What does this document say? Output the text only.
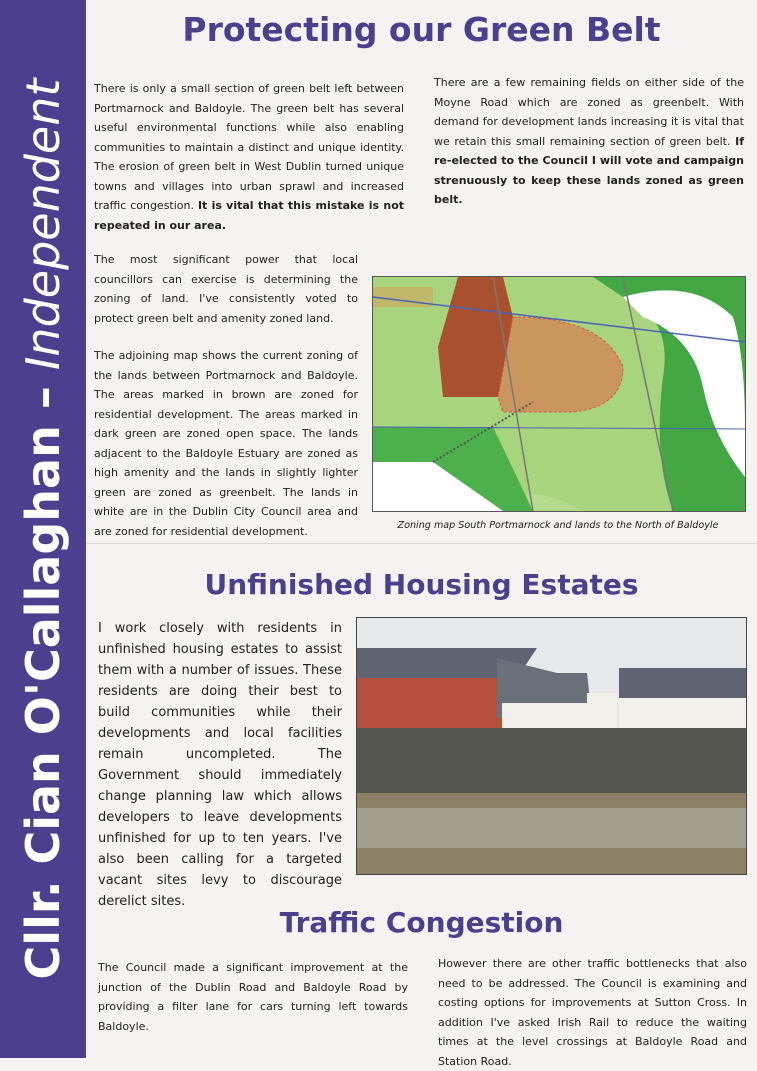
Cllr. Cian O'Callaghan – Independent
Protecting our Green Belt

There is only a small section of green belt left between Portmarnock and Baldoyle. The green belt has several useful environmental functions while also enabling communities to maintain a distinct and unique identity. The erosion of green belt in West Dublin turned unique towns and villages into urban sprawl and increased traffic congestion. It is vital that this mistake is not repeated in our area.

There are a few remaining fields on either side of the Moyne Road which are zoned as greenbelt. With demand for development lands increasing it is vital that we retain this small remaining section of green belt. If re-elected to the Council I will vote and campaign strenuously to keep these lands zoned as green belt.

The most significant power that local councillors can exercise is determining the zoning of land. I've consistently voted to protect green belt and amenity zoned land.

The adjoining map shows the current zoning of the lands between Portmarnock and Baldoyle. The areas marked in brown are zoned for residential development. The areas marked in dark green are zoned open space. The lands adjacent to the Baldoyle Estuary are zoned as high amenity and the lands in slightly lighter green are zoned as greenbelt. The lands in white are in the Dublin City Council area and are zoned for residential development.	Zoning map South Portmarnock and lands to the North of Baldoyle

Unfinished Housing Estates

I work closely with residents in unfinished housing estates to assist them with a number of issues. These residents are doing their best to build communities while their developments and local facilities remain uncompleted. The Government should immediately change planning law which allows developers to leave developments unfinished for up to ten years. I've also been calling for a targeted vacant sites levy to discourage derelict sites.

Traffic Congestion

The Council made a significant improvement at the junction of the Dublin Road and Baldoyle Road by providing a filter lane for cars turning left towards Baldoyle.

However there are other traffic bottlenecks that also need to be addressed. The Council is examining and costing options for improvements at Sutton Cross. In addition I've asked Irish Rail to reduce the waiting times at the level crossings at Baldoyle Road and Station Road.
